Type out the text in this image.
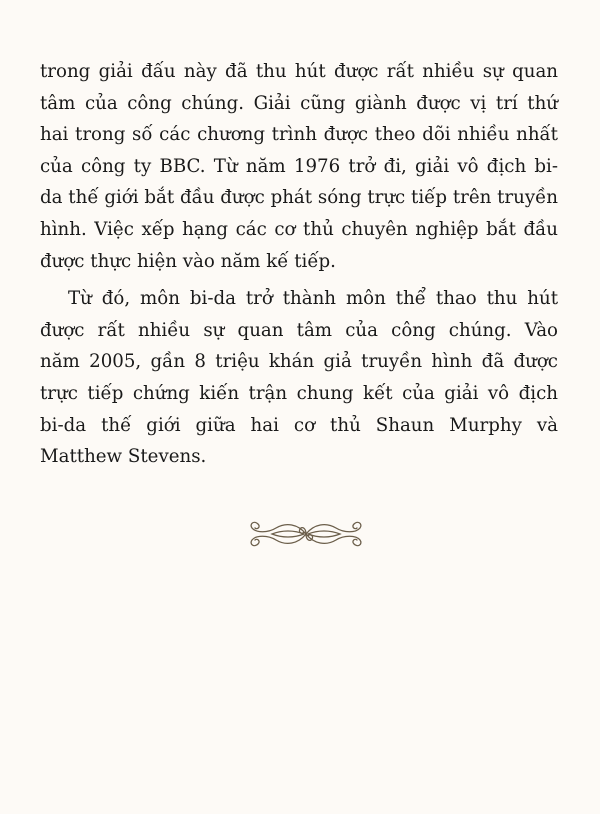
trong giải đấu này đã thu hút được rất nhiều sự quan
tâm của công chúng. Giải cũng giành được vị trí thứ
hai trong số các chương trình được theo dõi nhiều nhất
của công ty BBC. Từ năm 1976 trở đi, giải vô địch bi-
da thế giới bắt đầu được phát sóng trực tiếp trên truyền
hình. Việc xếp hạng các cơ thủ chuyên nghiệp bắt đầu
được thực hiện vào năm kế tiếp.

Từ đó, môn bi-da trở thành môn thể thao thu hút
được rất nhiều sự quan tâm của công chúng. Vào
năm 2005, gần 8 triệu khán giả truyền hình đã được
trực tiếp chứng kiến trận chung kết của giải vô địch
bi-da thế giới giữa hai cơ thủ Shaun Murphy và
Matthew Stevens.
